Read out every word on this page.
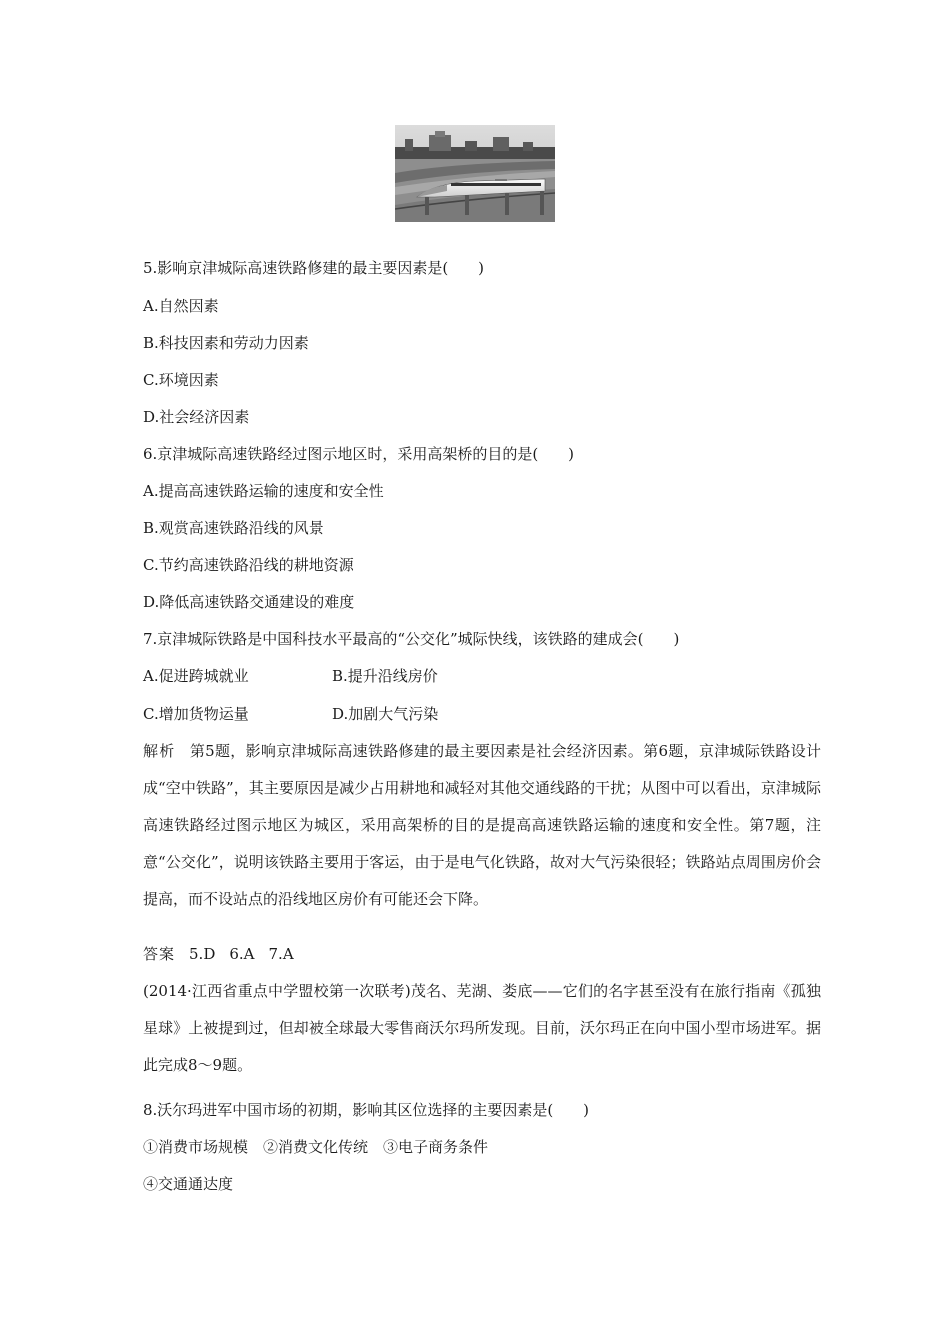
5.影响京津城际高速铁路修建的最主要因素是(　　)

A.自然因素

B.科技因素和劳动力因素

C.环境因素

D.社会经济因素

6.京津城际高速铁路经过图示地区时，采用高架桥的目的是(　　)

A.提高高速铁路运输的速度和安全性

B.观赏高速铁路沿线的风景

C.节约高速铁路沿线的耕地资源

D.降低高速铁路交通建设的难度

7.京津城际铁路是中国科技水平最高的“公交化”城际快线，该铁路的建成会(　　)

A.促进跨城就业	B.提升沿线房价

C.增加货物运量	D.加剧大气污染

解析 第5题，影响京津城际高速铁路修建的最主要因素是社会经济因素。第6题，京津城际铁路设计成“空中铁路”，其主要原因是减少占用耕地和减轻对其他交通线路的干扰；从图中可以看出，京津城际高速铁路经过图示地区为城区，采用高架桥的目的是提高高速铁路运输的速度和安全性。第7题，注意“公交化”，说明该铁路主要用于客运，由于是电气化铁路，故对大气污染很轻；铁路站点周围房价会提高，而不设站点的沿线地区房价有可能还会下降。

答案 5.D 6.A 7.A

(2014·江西省重点中学盟校第一次联考)茂名、芜湖、娄底——它们的名字甚至没有在旅行指南《孤独星球》上被提到过，但却被全球最大零售商沃尔玛所发现。目前，沃尔玛正在向中国小型市场进军。据此完成8～9题。

8.沃尔玛进军中国市场的初期，影响其区位选择的主要因素是(　　)

①消费市场规模　②消费文化传统　③电子商务条件

④交通通达度
